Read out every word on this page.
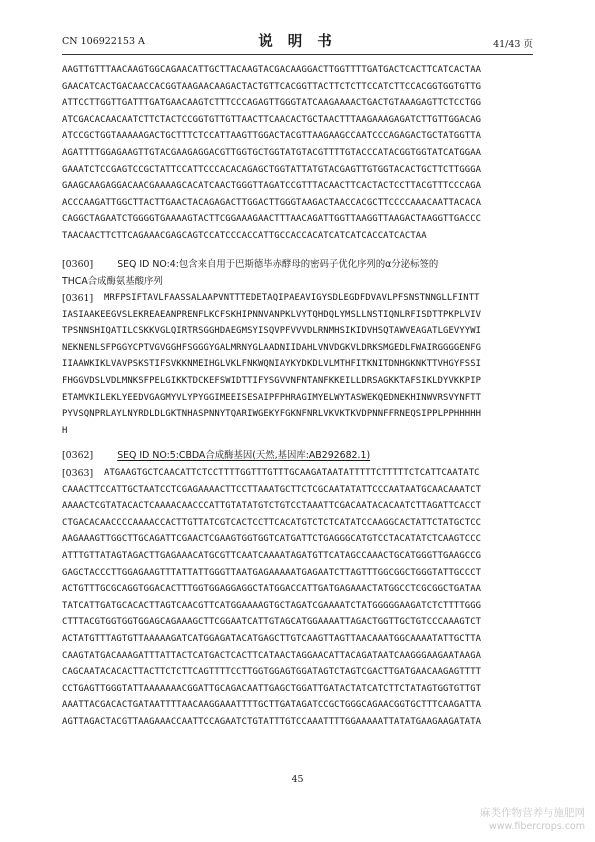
CN 106922153 A	说 明 书	41/43 页
AAGTTGTTTAACAAGTGGCAGAACATTGCTTACAAGTACGACAAGGACTTGGTTTTGATGACTCACTTCATCACTAA
GAACATCACTGACAACCACGGTAAGAACAAGACTACTGTTCACGGTTACTTCTCTTCCATCTTCCACGGTGGTGTTG
ATTCCTTGGTTGATTTGATGAACAAGTCTTTCCCAGAGTTGGGTATCAAGAAAACTGACTGTAAAGAGTTCTCCTGG
ATCGACACAACAATCTTCTACTCCGGTGTTGTTAACTTCAACACTGCTAACTTTAAGAAAGAGATCTTGTTGGACAG
ATCCGCTGGTAAAAAGACTGCTTTCTCCATTAAGTTGGACTACGTTAAGAAGCCAATCCCAGAGACTGCTATGGTTA
AGATTTTGGAGAAGTTGTACGAAGAGGACGTTGGTGCTGGTATGTACGTTTTGTACCCATACGGTGGTATCATGGAA
GAAATCTCCGAGTCCGCTATTCCATTCCCACACAGAGCTGGTATTATGTACGAGTTGTGGTACACTGCTTCTTGGGA
GAAGCAAGAGGACAACGAAAAGCACATCAACTGGGTTAGATCCGTTTACAACTTCACTACTCCTTACGTTTCCCAGA
ACCCAAGATTGGCTTACTTGAACTACAGAGACTTGGACTTGGGTAAGACTAACCACGCTTCCCCAAACAATTACACA
CAGGCTAGAATCTGGGGTGAAAAGTACTTCGGAAAGAACTTTAACAGATTGGTTAAGGTTAAGACTAAGGTTGACCC
TAACAACTTCTTCAGAAACGAGCAGTCCATCCCACCATTGCCACCACATCATCATCACCATCACTAA
[0360]	SEQ ID NO:4:包含来自用于巴斯德毕赤酵母的密码子优化序列的α分泌标签的
THCA合成酶氨基酸序列
[0361]	MRFPSIFTAVLFAASSALAAPVNTTTEDETAQIPAEAVIGYSDLEGDFDVAVLPFSNSTNNGLLFINTT
IASIAAKEEGVSLEKREAEANPRENFLKCFSKHIPNNVANPKLVYTQHDQLYMSLLNSTIQNLRFISDTTPKPLVIV
TPSNNSHIQATILCSKKVGLQIRTRSGGHDAEGMSYISQVPFVVVDLRNMHSIKIDVHSQTAWVEAGATLGEVYYWI
NEKNENLSFPGGYCPTVGVGGHFSGGGYGALMRNYGLAADNIIDAHLVNVDGKVLDRKSMGEDLFWAIRGGGGENFG
IIAAWKIKLVAVPSKSTIFSVKKNMEIHGLVKLFNKWQNIAYKYDKDLVLMTHFITKNITDNHGKNKTTVHGYFSSI
FHGGVDSLVDLMNKSFPELGIKKTDCKEFSWIDTTIFYSGVVNFNTANFKKEILLDRSAGKKTAFSIKLDYVKKPIP
ETAMVKILEKLYEEDVGAGMYVLYPYGGIMEEISESAIPFPHRAGIMYELWYTASWEKQEDNEKHINWVRSVYNFTT
PYVSQNPRLAYLNYRDLDLGKTNHASPNNYTQARIWGEKYFGKNFNRLVKVKTKVDPNNFFRNEQSIPPLPPHHHHH
H
[0362]	SEQ ID NO:5:CBDA合成酶基因(天然,基因库:AB292682.1)
[0363]	ATGAAGTGCTCAACATTCTCCTTTTGGTTTGTTTGCAAGATAATATTTTTCTTTTTCTCATTCAATATC
CAAACTTCCATTGCTAATCCTCGAGAAAACTTCCTTAAATGCTTCTCGCAATATATTCCCAATAATGCAACAAATCT
AAAACTCGTATACACTCAAAACAACCCATTGTATATGTCTGTCCTAAATTCGACAATACACAATCTTAGATTCACCT
CTGACACAACCCCAAAACCACTTGTTATCGTCACTCCTTCACATGTCTCTCATATCCAAGGCACTATTCTATGCTCC
AAGAAAGTTGGCTTGCAGATTCGAACTCGAAGTGGTGGTCATGATTCTGAGGGCATGTCCTACATATCTCAAGTCCC
ATTTGTTATAGTAGACTTGAGAAACATGCGTTCAATCAAAATAGATGTTCATAGCCAAACTGCATGGGTTGAAGCCG
GAGCTACCCTTGGAGAAGTTTATTATTGGGTTAATGAGAAAAATGAGAATCTTAGTTTGGCGGCTGGGTATTGCCCT
ACTGTTTGCGCAGGTGGACACTTTGGTGGAGGAGGCTATGGACCATTGATGAGAAACTATGGCCTCGCGGCTGATAA
TATCATTGATGCACACTTAGTCAACGTTCATGGAAAAGTGCTAGATCGAAAATCTATGGGGGAAGATCTCTTTTGGG
CTTTACGTGGTGGTGGAGCAGAAAGCTTCGGAATCATTGTAGCATGGAAAATTAGACTGGTTGCTGTCCCAAAGTCT
ACTATGTTTAGTGTTAAAAAGATCATGGAGATACATGAGCTTGTCAAGTTAGTTAACAAATGGCAAAATATTGCTTA
CAAGTATGACAAAGATTTATTACTCATGACTCACTTCATAACTAGGAACATTACAGATAATCAAGGGAAGAATAAGA
CAGCAATACACACTTACTTCTCTTCAGTTTTCCTTGGTGGAGTGGATAGTCTAGTCGACTTGATGAACAAGAGTTTT
CCTGAGTTGGGTATTAAAAAAACGGATTGCAGACAATTGAGCTGGATTGATACTATCATCTTCTATAGTGGTGTTGT
AAATTACGACACTGATAATTTTAACAAGGAAATTTTGCTTGATAGATCCGCTGGGCAGAACGGTGCTTTCAAGATTA
AGTTAGACTACGTTAAGAAACCAATTCCAGAATCTGTATTTGTCCAAATTTTGGAAAAATTATATGAAGAAGATATA
45
麻类作物营养与施肥网
www.fibercrops.com
